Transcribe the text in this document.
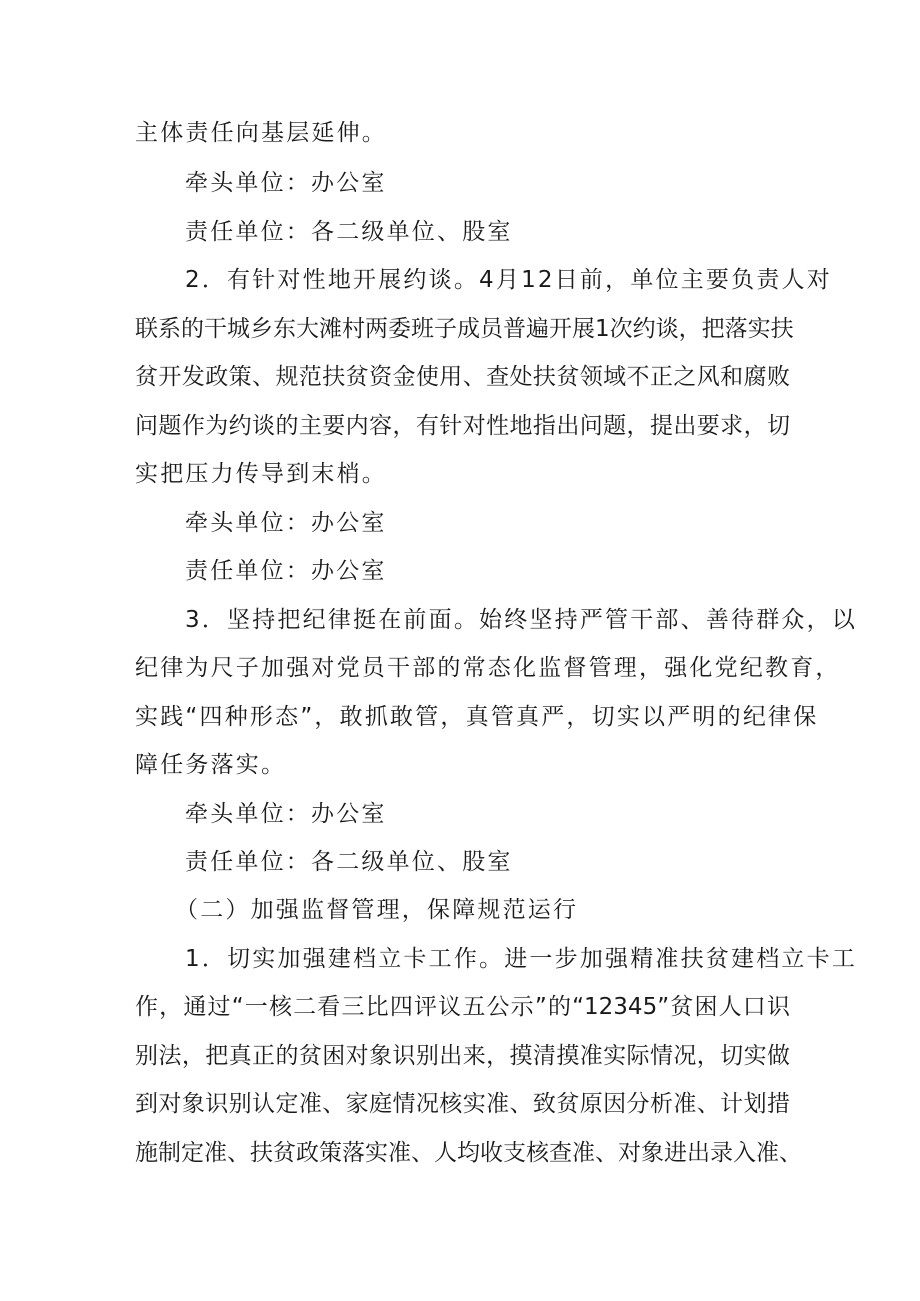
主体责任向基层延伸。
牵头单位：办公室
责任单位：各二级单位、股室
2．有针对性地开展约谈。4月12日前，单位主要负责人对
联系的干城乡东大滩村两委班子成员普遍开展1次约谈，把落实扶
贫开发政策、规范扶贫资金使用、查处扶贫领域不正之风和腐败
问题作为约谈的主要内容，有针对性地指出问题，提出要求，切
实把压力传导到末梢。
牵头单位：办公室
责任单位：办公室
3．坚持把纪律挺在前面。始终坚持严管干部、善待群众，以
纪律为尺子加强对党员干部的常态化监督管理，强化党纪教育，
实践“四种形态”，敢抓敢管，真管真严，切实以严明的纪律保
障任务落实。
牵头单位：办公室
责任单位：各二级单位、股室
（二）加强监督管理，保障规范运行
1．切实加强建档立卡工作。进一步加强精准扶贫建档立卡工
作，通过“一核二看三比四评议五公示”的“12345”贫困人口识
别法，把真正的贫困对象识别出来，摸清摸准实际情况，切实做
到对象识别认定准、家庭情况核实准、致贫原因分析准、计划措
施制定准、扶贫政策落实准、人均收支核查准、对象进出录入准、
